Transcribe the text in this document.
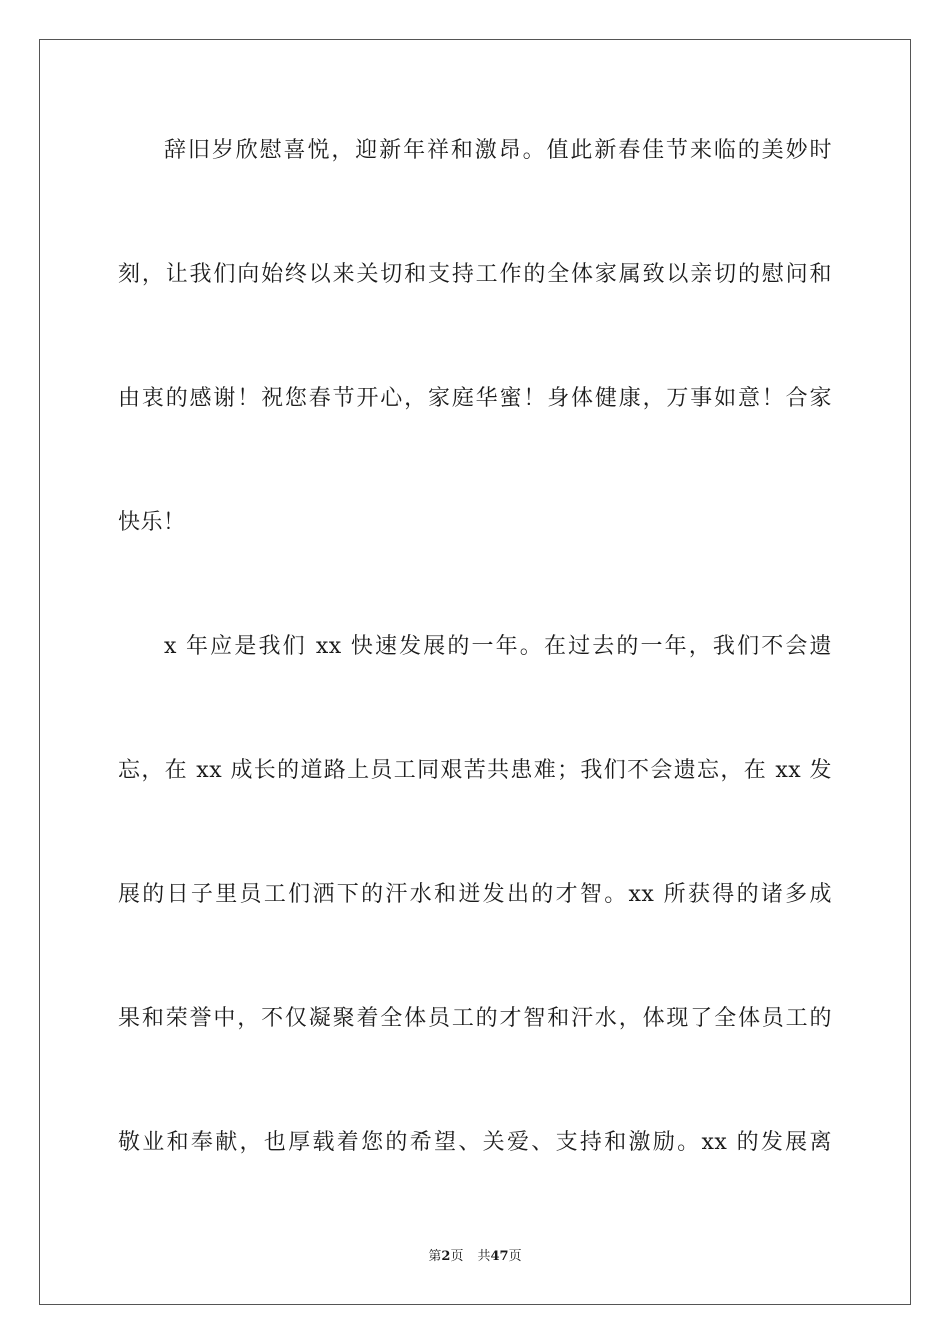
辞旧岁欣慰喜悦，迎新年祥和激昂。值此新春佳节来临的美妙时
刻，让我们向始终以来关切和支持工作的全体家属致以亲切的慰问和
由衷的感谢！祝您春节开心，家庭华蜜！身体健康，万事如意！合家
快乐！
x 年应是我们 xx 快速发展的一年。在过去的一年，我们不会遗
忘，在 xx 成长的道路上员工同艰苦共患难；我们不会遗忘，在 xx 发
展的日子里员工们洒下的汗水和迸发出的才智。xx 所获得的诸多成
果和荣誉中，不仅凝聚着全体员工的才智和汗水，体现了全体员工的
敬业和奉献，也厚载着您的希望、关爱、支持和激励。xx 的发展离
第2页 共47页
